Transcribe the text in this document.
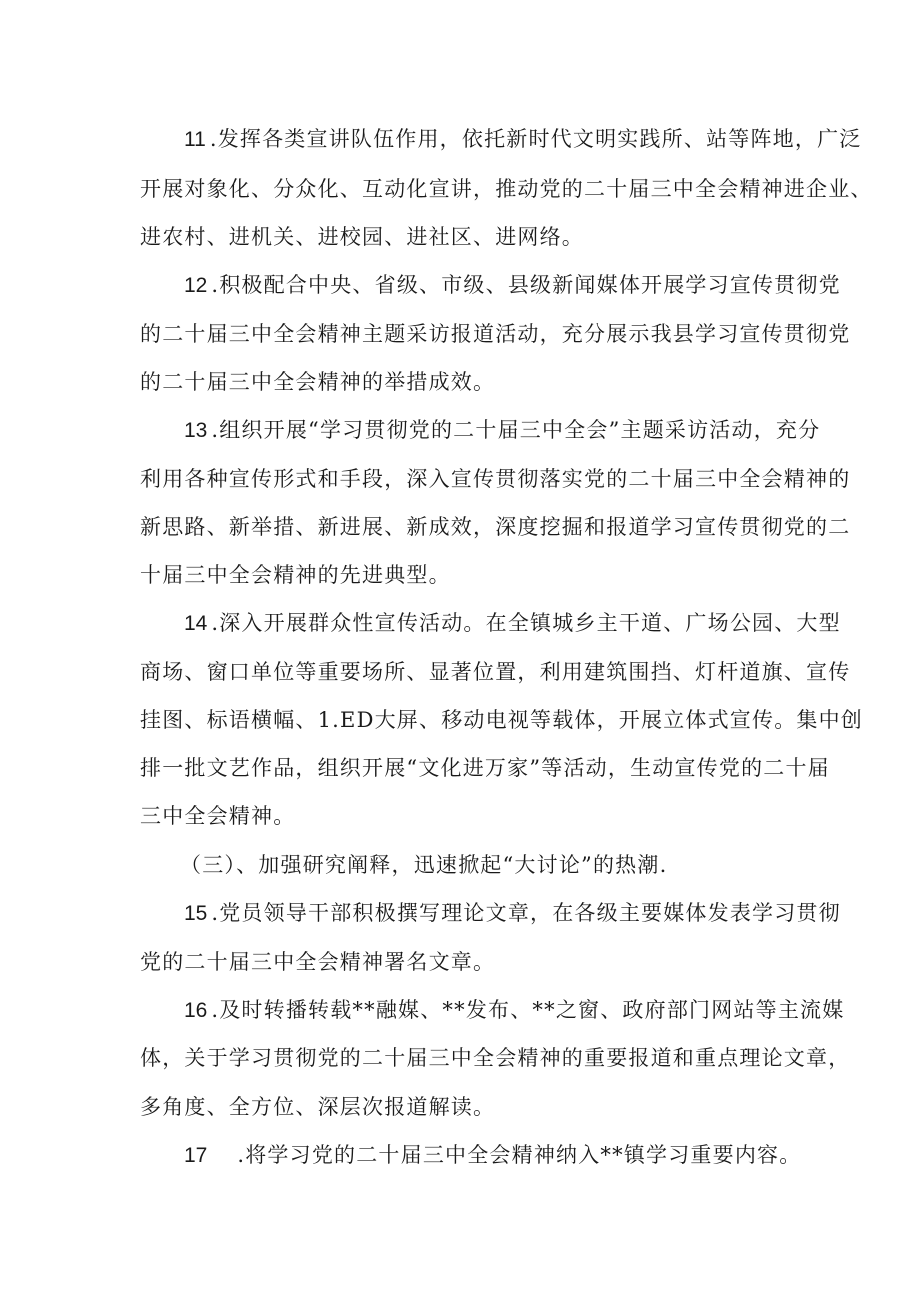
11 .发挥各类宣讲队伍作用，依托新时代文明实践所、站等阵地，广泛
开展对象化、分众化、互动化宣讲，推动党的二十届三中全会精神进企业、
进农村、进机关、进校园、进社区、进网络。
12 .积极配合中央、省级、市级、县级新闻媒体开展学习宣传贯彻党
的二十届三中全会精神主题采访报道活动，充分展示我县学习宣传贯彻党
的二十届三中全会精神的举措成效。
13 .组织开展“学习贯彻党的二十届三中全会”主题采访活动，充分
利用各种宣传形式和手段，深入宣传贯彻落实党的二十届三中全会精神的
新思路、新举措、新进展、新成效，深度挖掘和报道学习宣传贯彻党的二
十届三中全会精神的先进典型。
14 .深入开展群众性宣传活动。在全镇城乡主干道、广场公园、大型
商场、窗口单位等重要场所、显著位置，利用建筑围挡、灯杆道旗、宣传
挂图、标语横幅、1.ED大屏、移动电视等载体，开展立体式宣传。集中创
排一批文艺作品，组织开展“文化进万家”等活动，生动宣传党的二十届
三中全会精神。
（三）、加强研究阐释，迅速掀起“大讨论”的热潮.
15 .党员领导干部积极撰写理论文章，在各级主要媒体发表学习贯彻
党的二十届三中全会精神署名文章。
16 .及时转播转载**融媒、**发布、**之窗、政府部门网站等主流媒
体，关于学习贯彻党的二十届三中全会精神的重要报道和重点理论文章，
多角度、全方位、深层次报道解读。
17 .将学习党的二十届三中全会精神纳入**镇学习重要内容。
